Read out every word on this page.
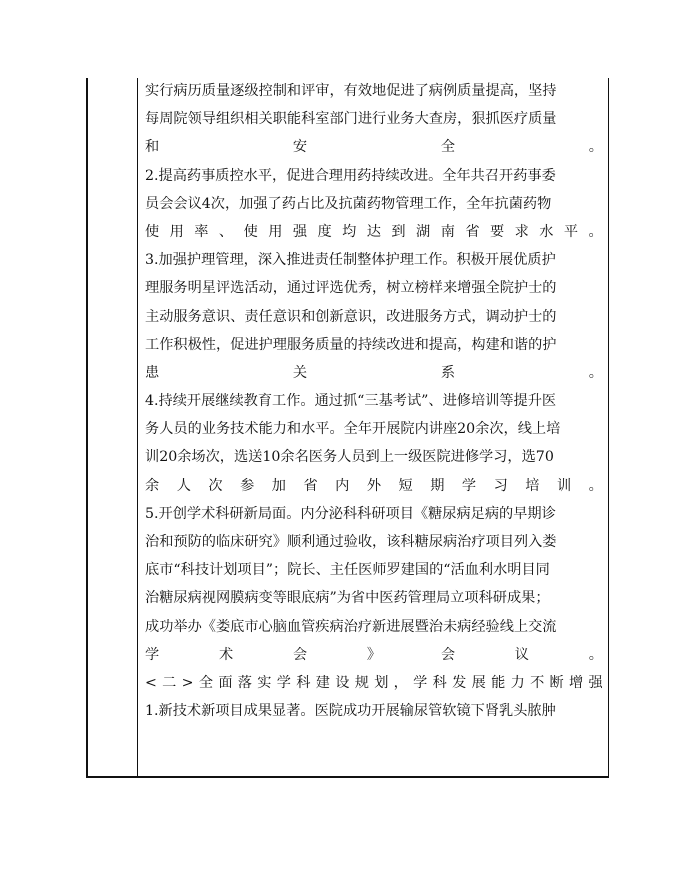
实行病历质量逐级控制和评审，有效地促进了病例质量提高，坚持
每周院领导组织相关职能科室部门进行业务大查房，狠抓医疗质量
和	安	全	。
2.提高药事质控水平，促进合理用药持续改进。全年共召开药事委
员会会议4次，加强了药占比及抗菌药物管理工作，全年抗菌药物
使 用 率 、 使 用 强 度 均 达 到 湖 南 省 要 求 水 平 。
3.加强护理管理，深入推进责任制整体护理工作。积极开展优质护
理服务明星评选活动，通过评选优秀，树立榜样来增强全院护士的
主动服务意识、责任意识和创新意识，改进服务方式，调动护士的
工作积极性，促进护理服务质量的持续改进和提高，构建和谐的护
患	关	系	。
4.持续开展继续教育工作。通过抓“三基考试”、进修培训等提升医
务人员的业务技术能力和水平。全年开展院内讲座20余次，线上培
训20余场次，选送10余名医务人员到上一级医院进修学习，选70
余 人 次 参 加 省 内 外 短 期 学 习 培 训 。
5.开创学术科研新局面。内分泌科科研项目《糖尿病足病的早期诊
治和预防的临床研究》顺利通过验收，该科糖尿病治疗项目列入娄
底市“科技计划项目”；院长、主任医师罗建国的“活血利水明目同
治糖尿病视网膜病变等眼底病”为省中医药管理局立项科研成果；
成功举办《娄底市心脑血管疾病治疗新进展暨治未病经验线上交流
学	术	会	》	会	议	。
< 二 > 全 面 落 实 学 科 建 设 规 划 ， 学 科 发 展 能 力 不 断 增 强
1.新技术新项目成果显著。医院成功开展输尿管软镜下肾乳头脓肿
